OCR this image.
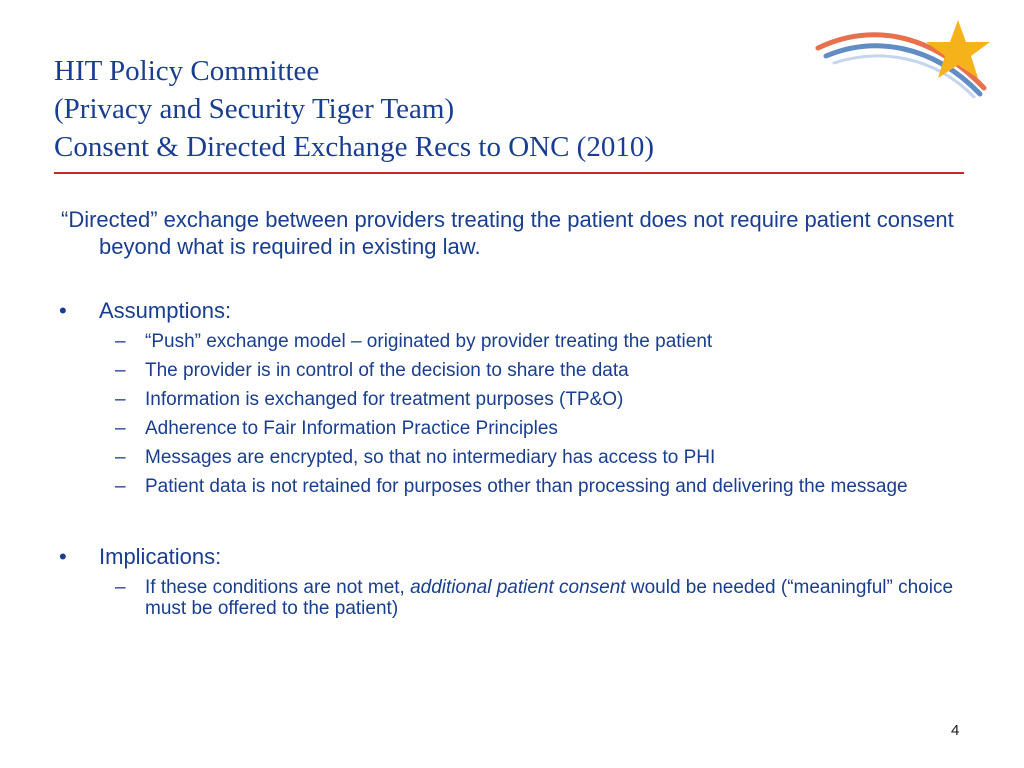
HIT Policy Committee
(Privacy and Security Tiger Team)
Consent & Directed Exchange Recs to ONC (2010)

“Directed” exchange between providers treating the patient does not require patient consent beyond what is required in existing law.

• Assumptions:
– “Push” exchange model – originated by provider treating the patient
– The provider is in control of the decision to share the data
– Information is exchanged for treatment purposes (TP&O)
– Adherence to Fair Information Practice Principles
– Messages are encrypted, so that no intermediary has access to PHI
– Patient data is not retained for purposes other than processing and delivering the message
• Implications:
– If these conditions are not met, additional patient consent would be needed (“meaningful” choice must be offered to the patient)
4
